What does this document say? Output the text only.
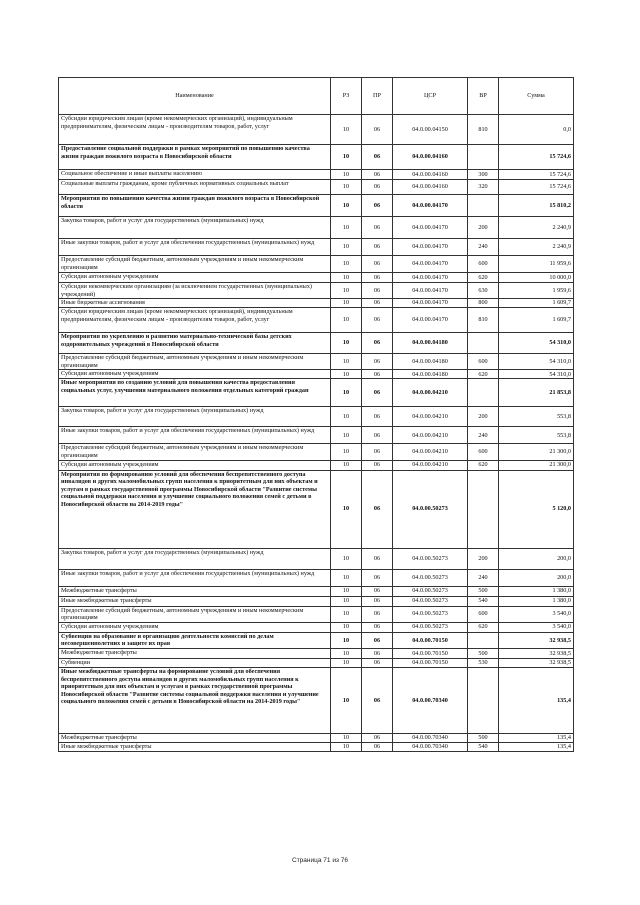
Наименование	РЗ	ПР	ЦСР	ВР	Сумма
Субсидии юридическим лицам (кроме некоммерческих организаций), индивидуальным предпринимателям, физическим лицам - производителям товаров, работ, услуг	10	06	04.0.00.04150	810	0,0
Предоставление социальной поддержки в рамках мероприятий по повышению качества жизни граждан пожилого возраста в Новосибирской области	10	06	04.0.00.04160		15 724,6
Социальное обеспечение и иные выплаты населению	10	06	04.0.00.04160	300	15 724,6
Социальные выплаты гражданам, кроме публичных нормативных социальных выплат	10	06	04.0.00.04160	320	15 724,6
Мероприятия по повышению качества жизни граждан пожилого возраста в Новосибирской области	10	06	04.0.00.04170		15 810,2
Закупка товаров, работ и услуг для государственных (муниципальных) нужд	10	06	04.0.00.04170	200	2 240,9
Иные закупки товаров, работ и услуг для обеспечения государственных (муниципальных) нужд	10	06	04.0.00.04170	240	2 240,9
Предоставление субсидий бюджетным, автономным учреждениям и иным некоммерческим организациям	10	06	04.0.00.04170	600	11 959,6
Субсидии автономным учреждениям	10	06	04.0.00.04170	620	10 000,0
Субсидии некоммерческим организациям (за исключением государственных (муниципальных) учреждений)	10	06	04.0.00.04170	630	1 959,6
Иные бюджетные ассигнования	10	06	04.0.00.04170	800	1 609,7
Субсидии юридическим лицам (кроме некоммерческих организаций), индивидуальным предпринимателям, физическим лицам - производителям товаров, работ, услуг	10	06	04.0.00.04170	810	1 609,7
Мероприятия по укреплению и развитию материально-технической базы детских оздоровительных учреждений в Новосибирской области	10	06	04.0.00.04180		54 310,0
Предоставление субсидий бюджетным, автономным учреждениям и иным некоммерческим организациям	10	06	04.0.00.04180	600	54 310,0
Субсидии автономным учреждениям	10	06	04.0.00.04180	620	54 310,0
Иные мероприятия по созданию условий для повышения качества предоставления социальных услуг, улучшения материального положения отдельных категорий граждан	10	06	04.0.00.04210		21 853,8
Закупка товаров, работ и услуг для государственных (муниципальных) нужд	10	06	04.0.00.04210	200	553,8
Иные закупки товаров, работ и услуг для обеспечения государственных (муниципальных) нужд	10	06	04.0.00.04210	240	553,8
Предоставление субсидий бюджетным, автономным учреждениям и иным некоммерческим организациям	10	06	04.0.00.04210	600	21 300,0
Субсидии автономным учреждениям	10	06	04.0.00.04210	620	21 300,0
Мероприятия по формированию условий для обеспечения беспрепятственного доступа инвалидов и других маломобильных групп населения к приоритетным для них объектам и услугам в рамках государственной программы Новосибирской области "Развитие системы социальной поддержки населения и улучшение социального положения семей с детьми в Новосибирской области на 2014-2019 годы"	10	06	04.0.00.50273		5 120,0
Закупка товаров, работ и услуг для государственных (муниципальных) нужд	10	06	04.0.00.50273	200	200,0
Иные закупки товаров, работ и услуг для обеспечения государственных (муниципальных) нужд	10	06	04.0.00.50273	240	200,0
Межбюджетные трансферты	10	06	04.0.00.50273	500	1 380,0
Иные межбюджетные трансферты	10	06	04.0.00.50273	540	1 380,0
Предоставление субсидий бюджетным, автономным учреждениям и иным некоммерческим организациям	10	06	04.0.00.50273	600	3 540,0
Субсидии автономным учреждениям	10	06	04.0.00.50273	620	3 540,0
Субвенции на образование и организацию деятельности комиссий по делам несовершеннолетних и защите их прав	10	06	04.0.00.70150		32 938,5
Межбюджетные трансферты	10	06	04.0.00.70150	500	32 938,5
Субвенции	10	06	04.0.00.70150	530	32 938,5
Иные межбюджетные трансферты на формирование условий для обеспечения беспрепятственного доступа инвалидов и других маломобильных групп населения к приоритетным для них объектам и услугам в рамках государственной программы Новосибирской области "Развитие системы социальной поддержки населения и улучшение социального положения семей с детьми в Новосибирской области на 2014-2019 годы"	10	06	04.0.00.70340		135,4
Межбюджетные трансферты	10	06	04.0.00.70340	500	135,4
Иные межбюджетные трансферты	10	06	04.0.00.70340	540	135,4
Страница 71 из 76
